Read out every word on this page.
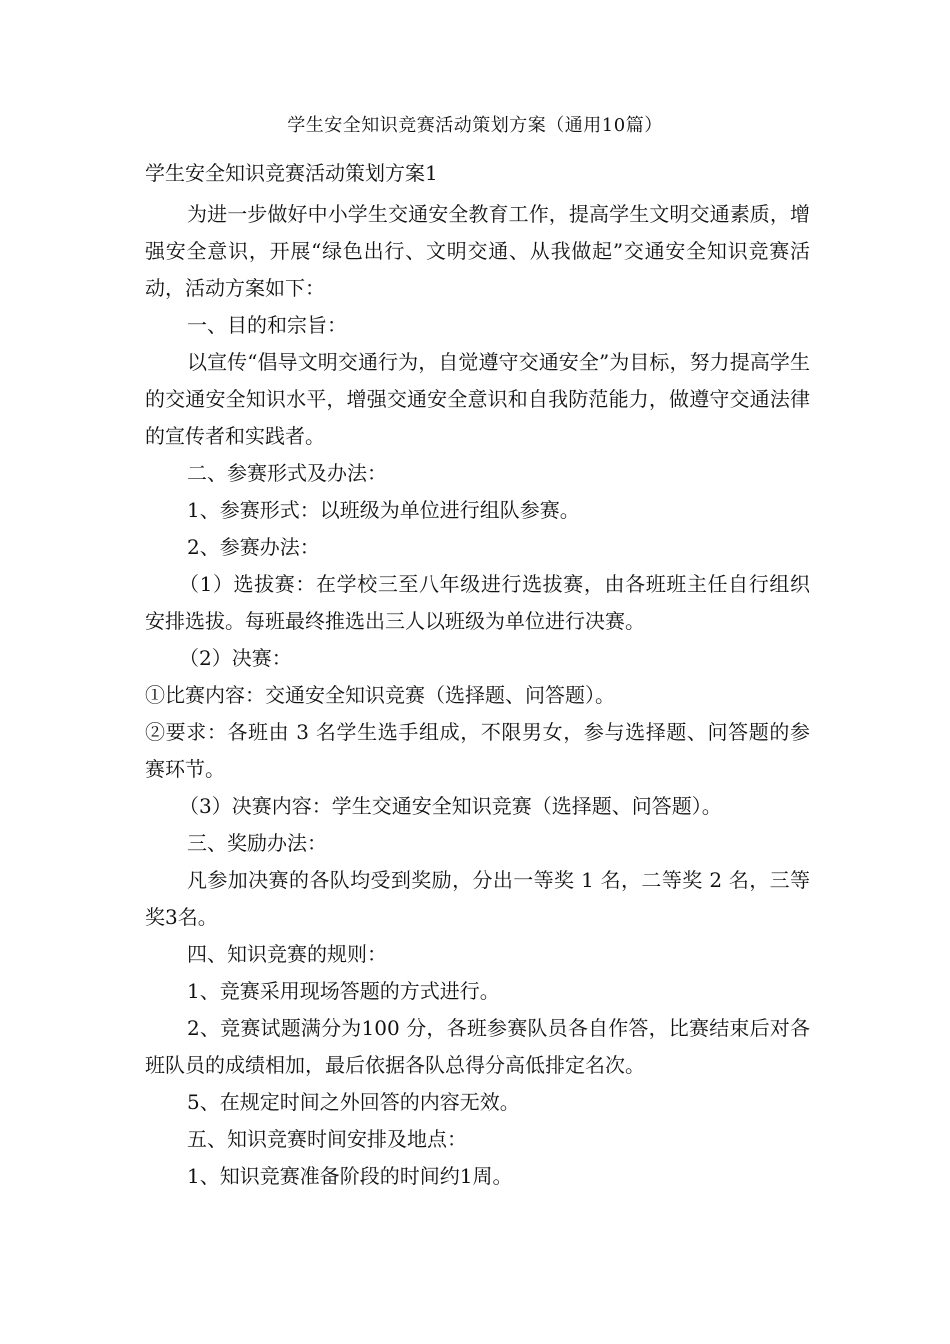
学生安全知识竞赛活动策划方案（通用10篇）
学生安全知识竞赛活动策划方案1

为进一步做好中小学生交通安全教育工作，提高学生文明交通素质，增强安全意识，开展“绿色出行、文明交通、从我做起”交通安全知识竞赛活动，活动方案如下：

一、目的和宗旨：

以宣传“倡导文明交通行为，自觉遵守交通安全”为目标，努力提高学生的交通安全知识水平，增强交通安全意识和自我防范能力，做遵守交通法律的宣传者和实践者。

二、参赛形式及办法：

1、参赛形式：以班级为单位进行组队参赛。

2、参赛办法：

（1）选拔赛：在学校三至八年级进行选拔赛，由各班班主任自行组织安排选拔。每班最终推选出三人以班级为单位进行决赛。

（2）决赛：

①比赛内容：交通安全知识竞赛（选择题、问答题）。

②要求：各班由 3 名学生选手组成，不限男女，参与选择题、问答题的参赛环节。

（3）决赛内容：学生交通安全知识竞赛（选择题、问答题）。

三、奖励办法：

凡参加决赛的各队均受到奖励，分出一等奖 1 名，二等奖 2 名，三等奖3名。

四、知识竞赛的规则：

1、竞赛采用现场答题的方式进行。

2、竞赛试题满分为100 分，各班参赛队员各自作答，比赛结束后对各班队员的成绩相加，最后依据各队总得分高低排定名次。

5、在规定时间之外回答的内容无效。

五、知识竞赛时间安排及地点：

1、知识竞赛准备阶段的时间约1周。
